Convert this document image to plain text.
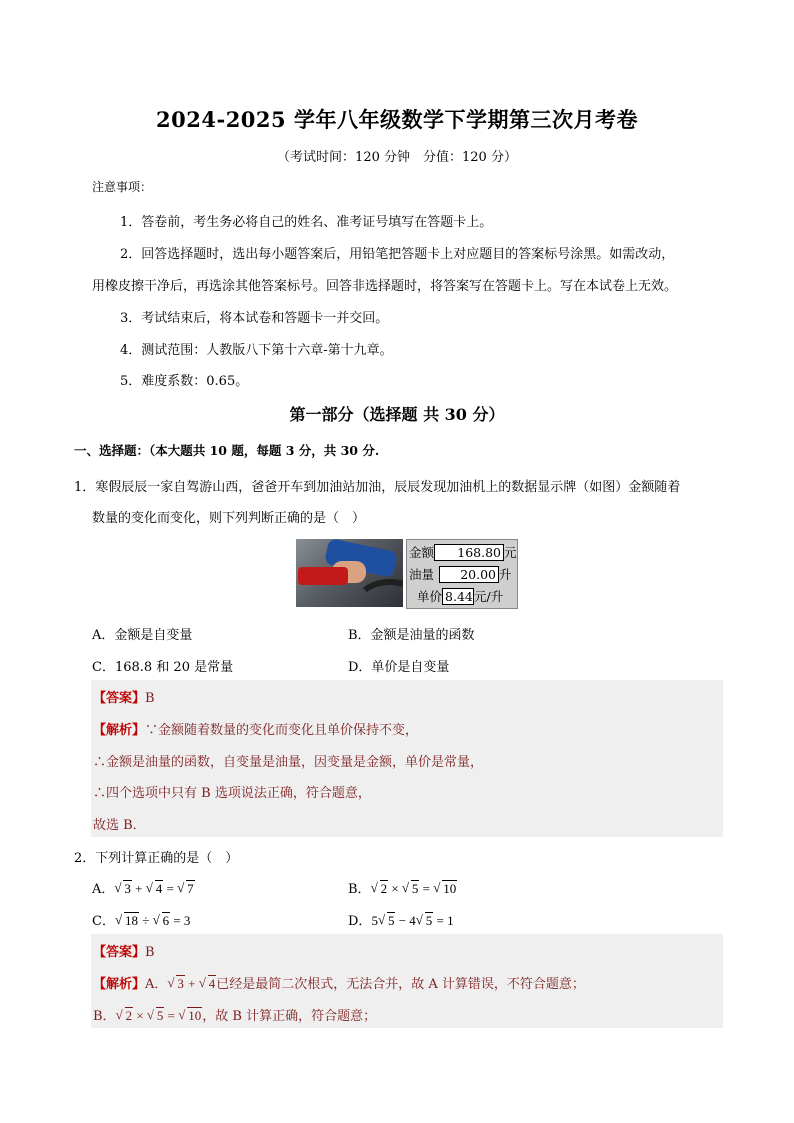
2024-2025 学年八年级数学下学期第三次月考卷
（考试时间：120 分钟　分值：120 分）
注意事项：
1．答卷前，考生务必将自己的姓名、准考证号填写在答题卡上。
2．回答选择题时，选出每小题答案后，用铅笔把答题卡上对应题目的答案标号涂黑。如需改动，
用橡皮擦干净后，再选涂其他答案标号。回答非选择题时，将答案写在答题卡上。写在本试卷上无效。
3．考试结束后，将本试卷和答题卡一并交回。
4．测试范围：人教版八下第十六章-第十九章。
5．难度系数：0.65。
第一部分（选择题 共 30 分）
一、选择题：（本大题共 10 题，每题 3 分，共 30 分.
1．寒假辰辰一家自驾游山西，爸爸开车到加油站加油，辰辰发现加油机上的数据显示牌（如图）金额随着
数量的变化而变化，则下列判断正确的是（　）
金额 168.80 元
油量 20.00 升
单价 8.44元/升
A．金额是自变量	B．金额是油量的函数
C．168.8 和 20 是常量	D．单价是自变量
【答案】B
【解析】∵金额随着数量的变化而变化且单价保持不变，
∴金额是油量的函数，自变量是油量，因变量是金额，单价是常量，
∴四个选项中只有 B 选项说法正确，符合题意，
故选 B．
2．下列计算正确的是（　）
A． √ 3 + √ 4 = √ 7	B． √ 2 × √ 5 = √ 10
C． √ 18 ÷ √ 6 = 3	D．5 √ 5 − 4 √ 5 = 1
【答案】B
【解析】A． √ 3 + √ 4已经是最简二次根式，无法合并，故 A 计算错误，不符合题意；
B． √ 2 × √ 5 = √ 10，故 B 计算正确，符合题意；
